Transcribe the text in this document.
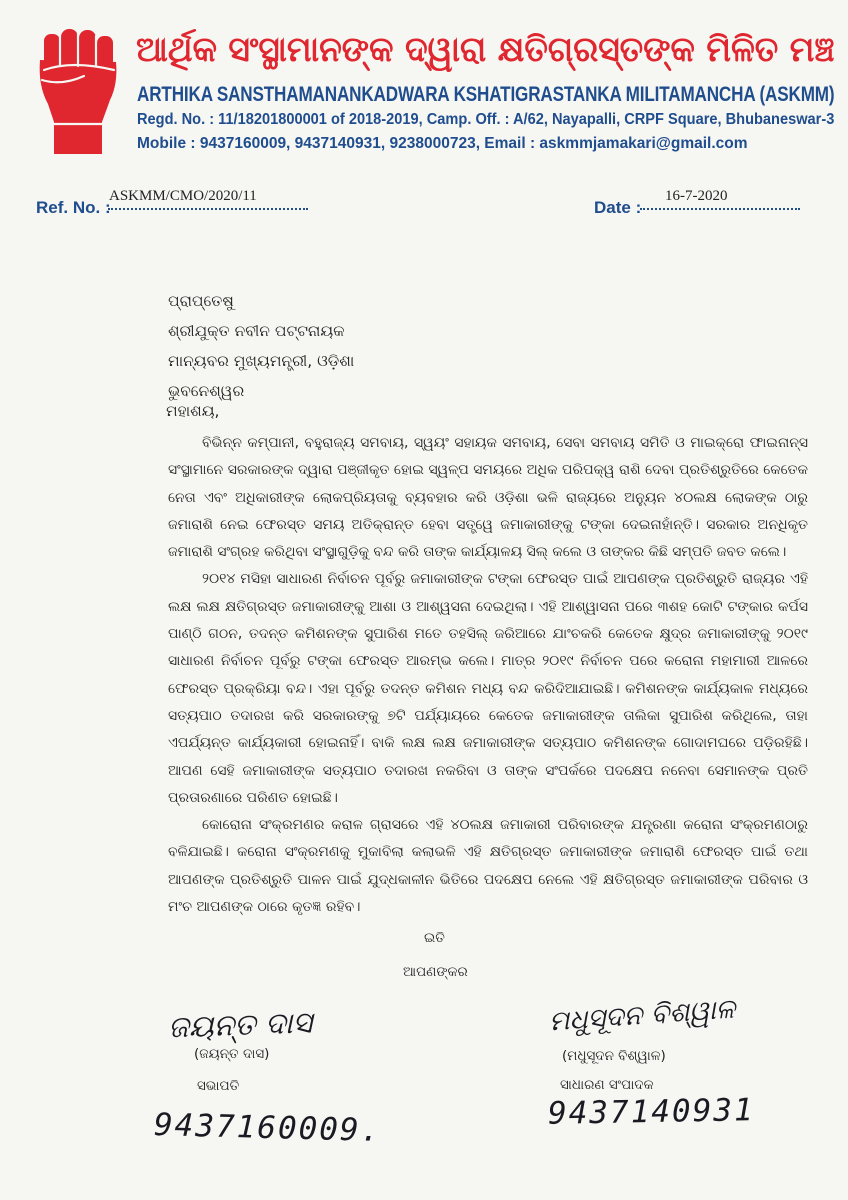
ଆର୍ଥିକ ସଂସ୍ଥାମାନଙ୍କ ଦ୍ୱାରା କ୍ଷତିଗ୍ରସ୍ତଙ୍କ ମିଳିତ ମଞ୍ଚ
ARTHIKA SANSTHAMANANKADWARA KSHATIGRASTANKA MILITAMANCHA (ASKMM)
Regd. No. : 11/18201800001 of 2018-2019, Camp. Off. : A/62, Nayapalli, CRPF Square, Bhubaneswar-3
Mobile : 9437160009, 9437140931, 9238000723, Email : askmmjamakari@gmail.com
Ref. No. :
ASKMM/CMO/2020/11
Date :
16-7-2020
ପ୍ରାପ୍ତେଷୁ
ଶ୍ରୀଯୁକ୍ତ ନବୀନ ପଟ୍ଟନାୟକ
ମାନ୍ୟବର ମୁଖ୍ୟମନ୍ତ୍ରୀ, ଓଡ଼ିଶା
ଭୁବନେଶ୍ୱର
ମହାଶୟ,

ବିଭିନ୍ନ କମ୍ପାନୀ, ବହୁରାଜ୍ୟ ସମବାୟ, ସ୍ୱୟଂ ସହାୟକ ସମବାୟ, ସେବା ସମବାୟ ସମିତି ଓ ମାଇକ୍ରୋ ଫାଇନାନ୍ସ ସଂସ୍ଥାମାନେ ସରକାରଙ୍କ ଦ୍ୱାରା ପଞ୍ଜୀକୃତ ହୋଇ ସ୍ୱଳ୍ପ ସମୟରେ ଅଧିକ ପରିପକ୍ୱ ରାଶି ଦେବା ପ୍ରତିଶ୍ରୁତିରେ କେତେକ ନେତା ଏବଂ ଅଧିକାରୀଙ୍କ ଲୋକପ୍ରିୟତାକୁ ବ୍ୟବହାର କରି ଓଡ଼ିଶା ଭଳି ରାଜ୍ୟରେ ଅନ୍ୟୁନ ୪୦ଲକ୍ଷ ଲୋକଙ୍କ ଠାରୁ ଜମାରାଶି ନେଇ ଫେରସ୍ତ ସମୟ ଅତିକ୍ରାନ୍ତ ହେବା ସତ୍ତ୍ୱେ ଜମାକାରୀଙ୍କୁ ଟଙ୍କା ଦେଇନାହାଁନ୍ତି। ସରକାର ଅନଧିକୃତ ଜମାରାଶି ସଂଗ୍ରହ କରିଥିବା ସଂସ୍ଥାଗୁଡ଼ିକୁ ବନ୍ଦ କରି ତାଙ୍କ କାର୍ଯ୍ୟାଳୟ ସିଲ୍ କଲେ ଓ ତାଙ୍କର କିଛି ସମ୍ପତି ଜବତ କଲେ।

୨୦୧୪ ମସିହା ସାଧାରଣ ନିର୍ବାଚନ ପୂର୍ବରୁ ଜମାକାରୀଙ୍କ ଟଙ୍କା ଫେରସ୍ତ ପାଇଁ ଆପଣଙ୍କ ପ୍ରତିଶ୍ରୁତି ରାଜ୍ୟର ଏହି ଲକ୍ଷ ଲକ୍ଷ କ୍ଷତିଗ୍ରସ୍ତ ଜମାକାରୀଙ୍କୁ ଆଶା ଓ ଆଶ୍ୱସନା ଦେଇଥିଲା। ଏହି ଆଶ୍ୱାସନା ପରେ ୩ଶହ କୋଟି ଟଙ୍କାର କର୍ପସ ପାଣ୍ଠି ଗଠନ, ତଦନ୍ତ କମିଶନଙ୍କ ସୁପାରିଶ ମତେ ତହସିଲ୍ ଜରିଆରେ ଯାଂଚକରି କେତେକ କ୍ଷୁଦ୍ର ଜମାକାରୀଙ୍କୁ ୨୦୧୯ ସାଧାରଣ ନିର୍ବାଚନ ପୂର୍ବରୁ ଟଙ୍କା ଫେରସ୍ତ ଆରମ୍ଭ କଲେ। ମାତ୍ର ୨୦୧୯ ନିର୍ବାଚନ ପରେ କରୋନା ମହାମାରୀ ଆଳରେ ଫେରସ୍ତ ପ୍ରକ୍ରିୟା ବନ୍ଦ। ଏହା ପୂର୍ବରୁ ତଦନ୍ତ କମିଶନ ମଧ୍ୟ ବନ୍ଦ କରିଦିଆଯାଇଛି। କମିଶନଙ୍କ କାର୍ଯ୍ୟକାଳ ମଧ୍ୟରେ ସତ୍ୟପାଠ ତଦାରଖ କରି ସରକାରଙ୍କୁ ୭ଟି ପର୍ଯ୍ୟାୟରେ କେତେକ ଜମାକାରୀଙ୍କ ତାଲିକା ସୁପାରିଶ କରିଥିଲେ, ତାହା ଏପର୍ଯ୍ୟନ୍ତ କାର୍ଯ୍ୟକାରୀ ହୋଇନାହିଁ। ବାକି ଲକ୍ଷ ଲକ୍ଷ ଜମାକାରୀଙ୍କ ସତ୍ୟପାଠ କମିଶନଙ୍କ ଗୋଦାମଘରେ ପଡ଼ିରହିଛି। ଆପଣ ସେହି ଜମାକାରୀଙ୍କ ସତ୍ୟପାଠ ତଦାରଖ ନକରିବା ଓ ତାଙ୍କ ସଂପର୍କରେ ପଦକ୍ଷେପ ନନେବା ସେମାନଙ୍କ ପ୍ରତି ପ୍ରତାରଣାରେ ପରିଣତ ହୋଇଛି।

କୋରୋନା ସଂକ୍ରମଣର କରାଳ ଗ୍ରାସରେ ଏହି ୪୦ଲକ୍ଷ ଜମାକାରୀ ପରିବାରଙ୍କ ଯନ୍ତ୍ରଣା କରୋନା ସଂକ୍ରମଣଠାରୁ ବଳିଯାଇଛି। କରୋନା ସଂକ୍ରମଣକୁ ମୁକାବିଲା କଲାଭଳି ଏହି କ୍ଷତିଗ୍ରସ୍ତ ଜମାକାରୀଙ୍କ ଜମାରାଶି ଫେରସ୍ତ ପାଇଁ ତଥା ଆପଣଙ୍କ ପ୍ରତିଶ୍ରୁତି ପାଳନ ପାଇଁ ଯୁଦ୍ଧକାଳୀନ ଭିତିରେ ପଦକ୍ଷେପ ନେଲେ ଏହି କ୍ଷତିଗ୍ରସ୍ତ ଜମାକାରୀଙ୍କ ପରିବାର ଓ ମଂଚ ଆପଣଙ୍କ ଠାରେ କୃତଜ୍ଞ ରହିବ।

ଇତି
ଆପଣଙ୍କର
ଜୟନ୍ତ ଦାସ
(ଜୟନ୍ତ ଦାସ)
ସଭାପତି
9437160009.
ମଧୁସୂଦନ ବିଶ୍ୱାଳ
(ମଧୁସୂଦନ ବିଶ୍ୱାଳ)
ସାଧାରଣ ସଂପାଦକ
9437140931
